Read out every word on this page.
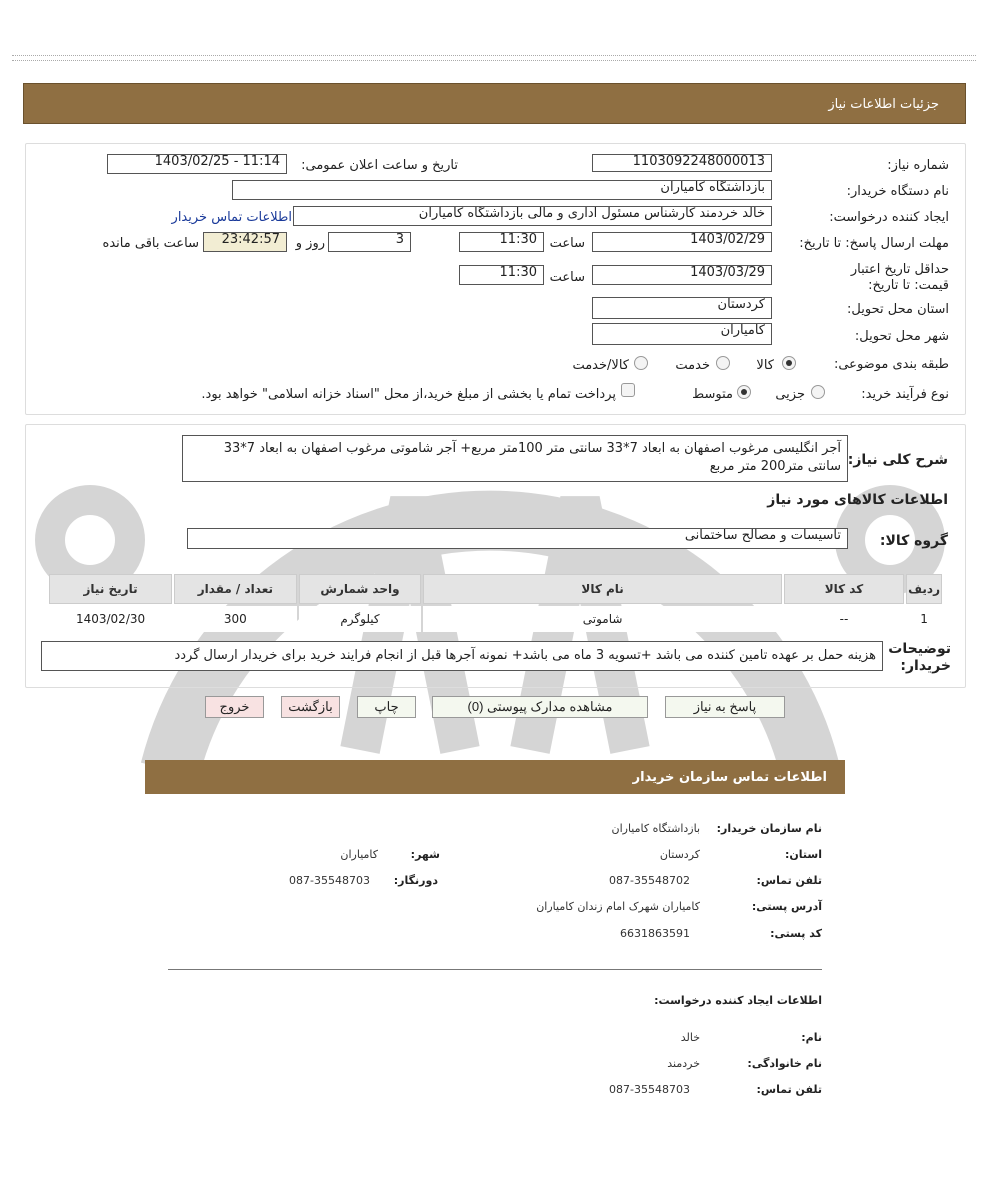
جزئیات اطلاعات نیاز
شماره نیاز:
1103092248000013
تاریخ و ساعت اعلان عمومی:
1403/02/25 - 11:14
نام دستگاه خریدار:
بازداشتگاه کامیاران
ایجاد کننده درخواست:
خالد خردمند کارشناس مسئول اداری و مالی بازداشتگاه کامیاران
اطلاعات تماس خریدار
مهلت ارسال پاسخ: تا تاریخ:
1403/02/29
ساعت
11:30
3
روز و
23:42:57
ساعت باقی مانده
حداقل تاریخ اعتبار قیمت: تا تاریخ:
1403/03/29
ساعت
11:30
استان محل تحویل:
کردستان
شهر محل تحویل:
کامیاران
طبقه بندی موضوعی:
کالا
خدمت
کالا/خدمت
نوع فرآیند خرید:
جزیی
متوسط
پرداخت تمام یا بخشی از مبلغ خرید،از محل "اسناد خزانه اسلامی" خواهد بود.
شرح کلی نیاز:
آجر انگلیسی مرغوب اصفهان به ابعاد 7*33 سانتی متر 100متر مربع+ آجر شاموتی مرغوب اصفهان به ابعاد 7*33 سانتی متر200 متر مربع
اطلاعات کالاهای مورد نیاز
گروه کالا:
تاسیسات و مصالح ساختمانی
ردیف	کد کالا	نام کالا	واحد شمارش	تعداد / مقدار	تاریخ نیاز
1	--	شاموتی	کیلوگرم	300	1403/02/30
توضیحات خریدار:
هزینه حمل بر عهده تامین کننده می باشد +تسویه 3 ماه می باشد+ نمونه آجرها قبل از انجام فرایند خرید برای خریدار ارسال گردد
پاسخ به نیاز
مشاهده مدارک پیوستی (0)
چاپ
بازگشت
خروج
اطلاعات تماس سازمان خریدار
نام سازمان خریدار:
بازداشتگاه کامیاران
استان:
کردستان
شهر:
کامیاران
تلفن تماس:
087-35548702
دورنگار:
087-35548703
آدرس پستی:
کامیاران شهرک امام زندان کامیاران
کد پستی:
6631863591
اطلاعات ایجاد کننده درخواست:
نام:
خالد
نام خانوادگی:
خردمند
تلفن تماس:
087-35548703
